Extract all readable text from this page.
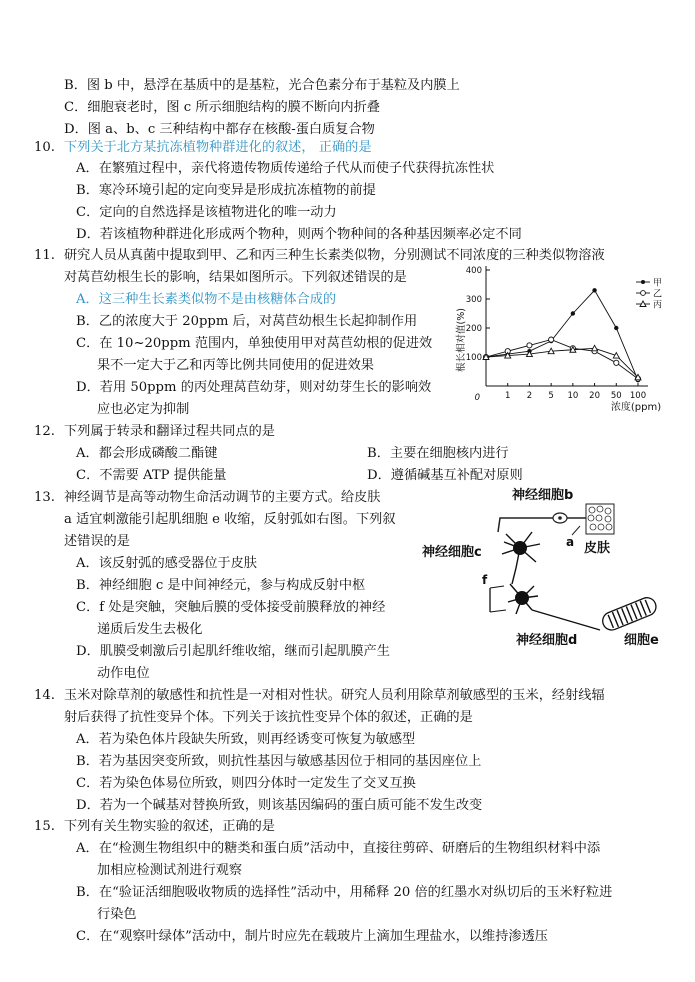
B．图 b 中，悬浮在基质中的是基粒，光合色素分布于基粒及内膜上
C．细胞衰老时，图 c 所示细胞结构的膜不断向内折叠
D．图 a、b、c 三种结构中都存在核酸-蛋白质复合物
10. 下列关于北方某抗冻植物种群进化的叙述， 正确的是
A．在繁殖过程中，亲代将遗传物质传递给子代从而使子代获得抗冻性状
B．寒冷环境引起的定向变异是形成抗冻植物的前提
C．定向的自然选择是该植物进化的唯一动力
D．若该植物种群进化形成两个物种，则两个物种间的各种基因频率必定不同
11. 研究人员从真菌中提取到甲、乙和丙三种生长素类似物，分别测试不同浓度的三种类似物溶液
对莴苣幼根生长的影响，结果如图所示。下列叙述错误的是
A．这三种生长素类似物不是由核糖体合成的
B．乙的浓度大于 20ppm 后，对莴苣幼根生长起抑制作用
C．在 10~20ppm 范围内，单独使用甲对莴苣幼根的促进效
果不一定大于乙和丙等比例共同使用的促进效果
D．若用 50ppm 的丙处理莴苣幼芽，则对幼芽生长的影响效
应也必定为抑制
根长相对值(%)
0
100
200
300
400
1 2 5 10 20 50 100
甲
乙
丙
浓度(ppm)
12. 下列属于转录和翻译过程共同点的是
A．都会形成磷酸二酯键	B．主要在细胞核内进行
C．不需要 ATP 提供能量	D．遵循碱基互补配对原则
13. 神经调节是高等动物生命活动调节的主要方式。给皮肤
a 适宜刺激能引起肌细胞 e 收缩，反射弧如右图。下列叙
述错误的是
A．该反射弧的感受器位于皮肤
B．神经细胞 c 是中间神经元，参与构成反射中枢
C．f 处是突触，突触后膜的受体接受前膜释放的神经
递质后发生去极化
D．肌膜受刺激后引起肌纤维收缩，继而引起肌膜产生
动作电位
神经细胞b
a 皮肤
神经细胞c
f
神经细胞d	细胞e
14. 玉米对除草剂的敏感性和抗性是一对相对性状。研究人员利用除草剂敏感型的玉米，经射线辐
射后获得了抗性变异个体。下列关于该抗性变异个体的叙述，正确的是
A．若为染色体片段缺失所致，则再经诱变可恢复为敏感型
B．若为基因突变所致，则抗性基因与敏感基因位于相同的基因座位上
C．若为染色体易位所致，则四分体时一定发生了交叉互换
D．若为一个碱基对替换所致，则该基因编码的蛋白质可能不发生改变
15. 下列有关生物实验的叙述，正确的是
A．在“检测生物组织中的糖类和蛋白质”活动中，直接往剪碎、研磨后的生物组织材料中添
加相应检测试剂进行观察
B．在“验证活细胞吸收物质的选择性”活动中，用稀释 20 倍的红墨水对纵切后的玉米籽粒进
行染色
C．在“观察叶绿体”活动中，制片时应先在载玻片上滴加生理盐水，以维持渗透压
